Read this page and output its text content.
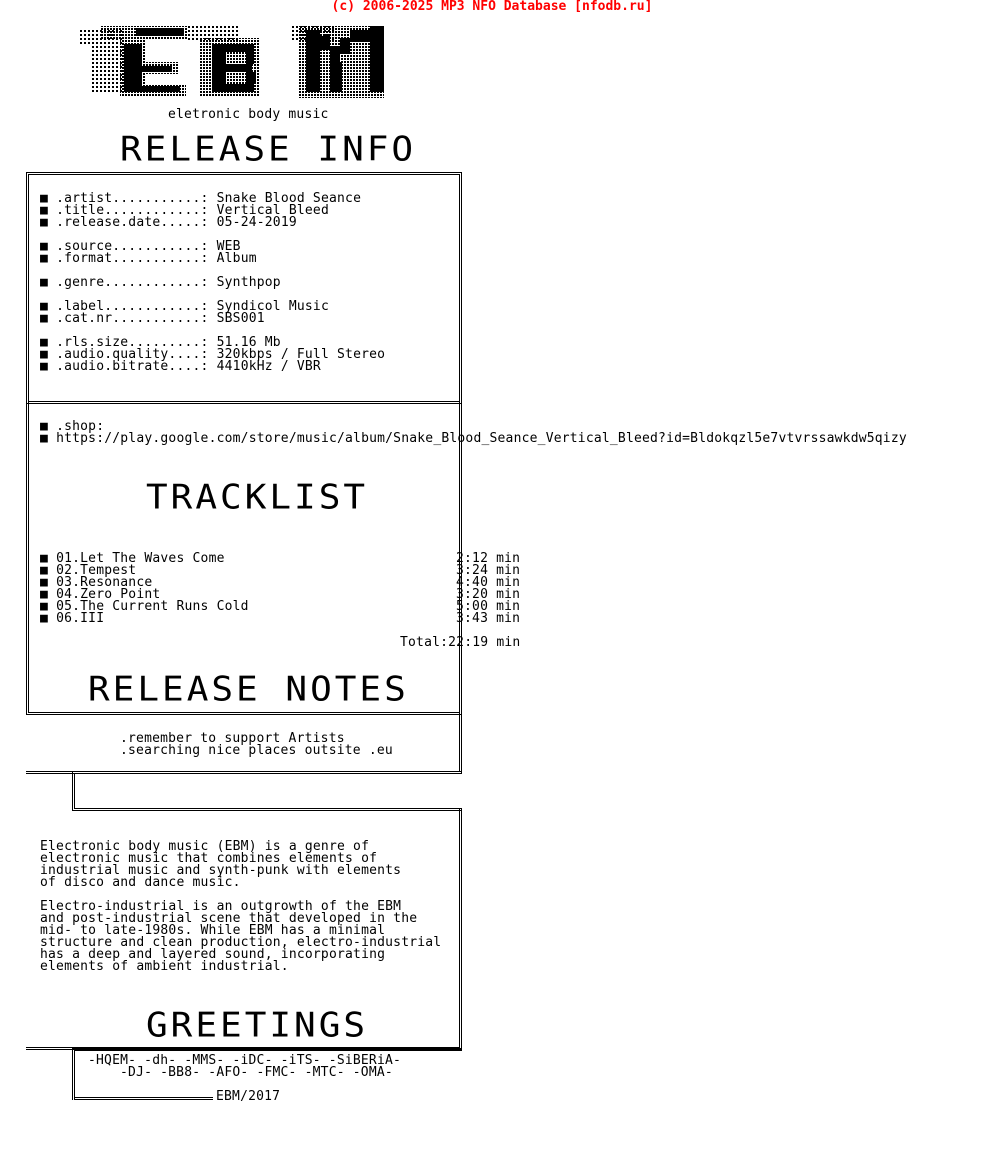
(c) 2006-2025 MP3 NFO Database [nfodb.ru]
eletronic body music
RELEASE INFO
■ .artist...........: Snake Blood Seance
■ .title............: Vertical Bleed
■ .release.date.....: 05-24-2019
■ .source...........: WEB
■ .format...........: Album
■ .genre............: Synthpop
■ .label............: Syndicol Music
■ .cat.nr...........: SBS001
■ .rls.size.........: 51.16 Mb
■ .audio.quality....: 320kbps / Full Stereo
■ .audio.bitrate....: 4410kHz / VBR
■ .shop:
■ https://play.google.com/store/music/album/Snake_Blood_Seance_Vertical_Bleed?id=Bldokqzl5e7vtvrssawkdw5qizy
TRACKLIST
■ 01.Let The Waves Come	2:12 min
■ 02.Tempest	3:24 min
■ 03.Resonance	4:40 min
■ 04.Zero Point	3:20 min
■ 05.The Current Runs Cold	5:00 min
■ 06.III	3:43 min
Total:22:19 min
RELEASE NOTES
.remember to support Artists
.searching nice places outsite .eu
Electronic body music (EBM) is a genre of
electronic music that combines elements of
industrial music and synth-punk with elements
of disco and dance music.
Electro-industrial is an outgrowth of the EBM
and post-industrial scene that developed in the
mid- to late-1980s. While EBM has a minimal
structure and clean production, electro-industrial
has a deep and layered sound, incorporating
elements of ambient industrial.
GREETINGS
-HQEM- -dh- -MMS- -iDC- -iTS- -SiBERiA-
-DJ- -BB8- -AFO- -FMC- -MTC- -OMA-
EBM/2017
